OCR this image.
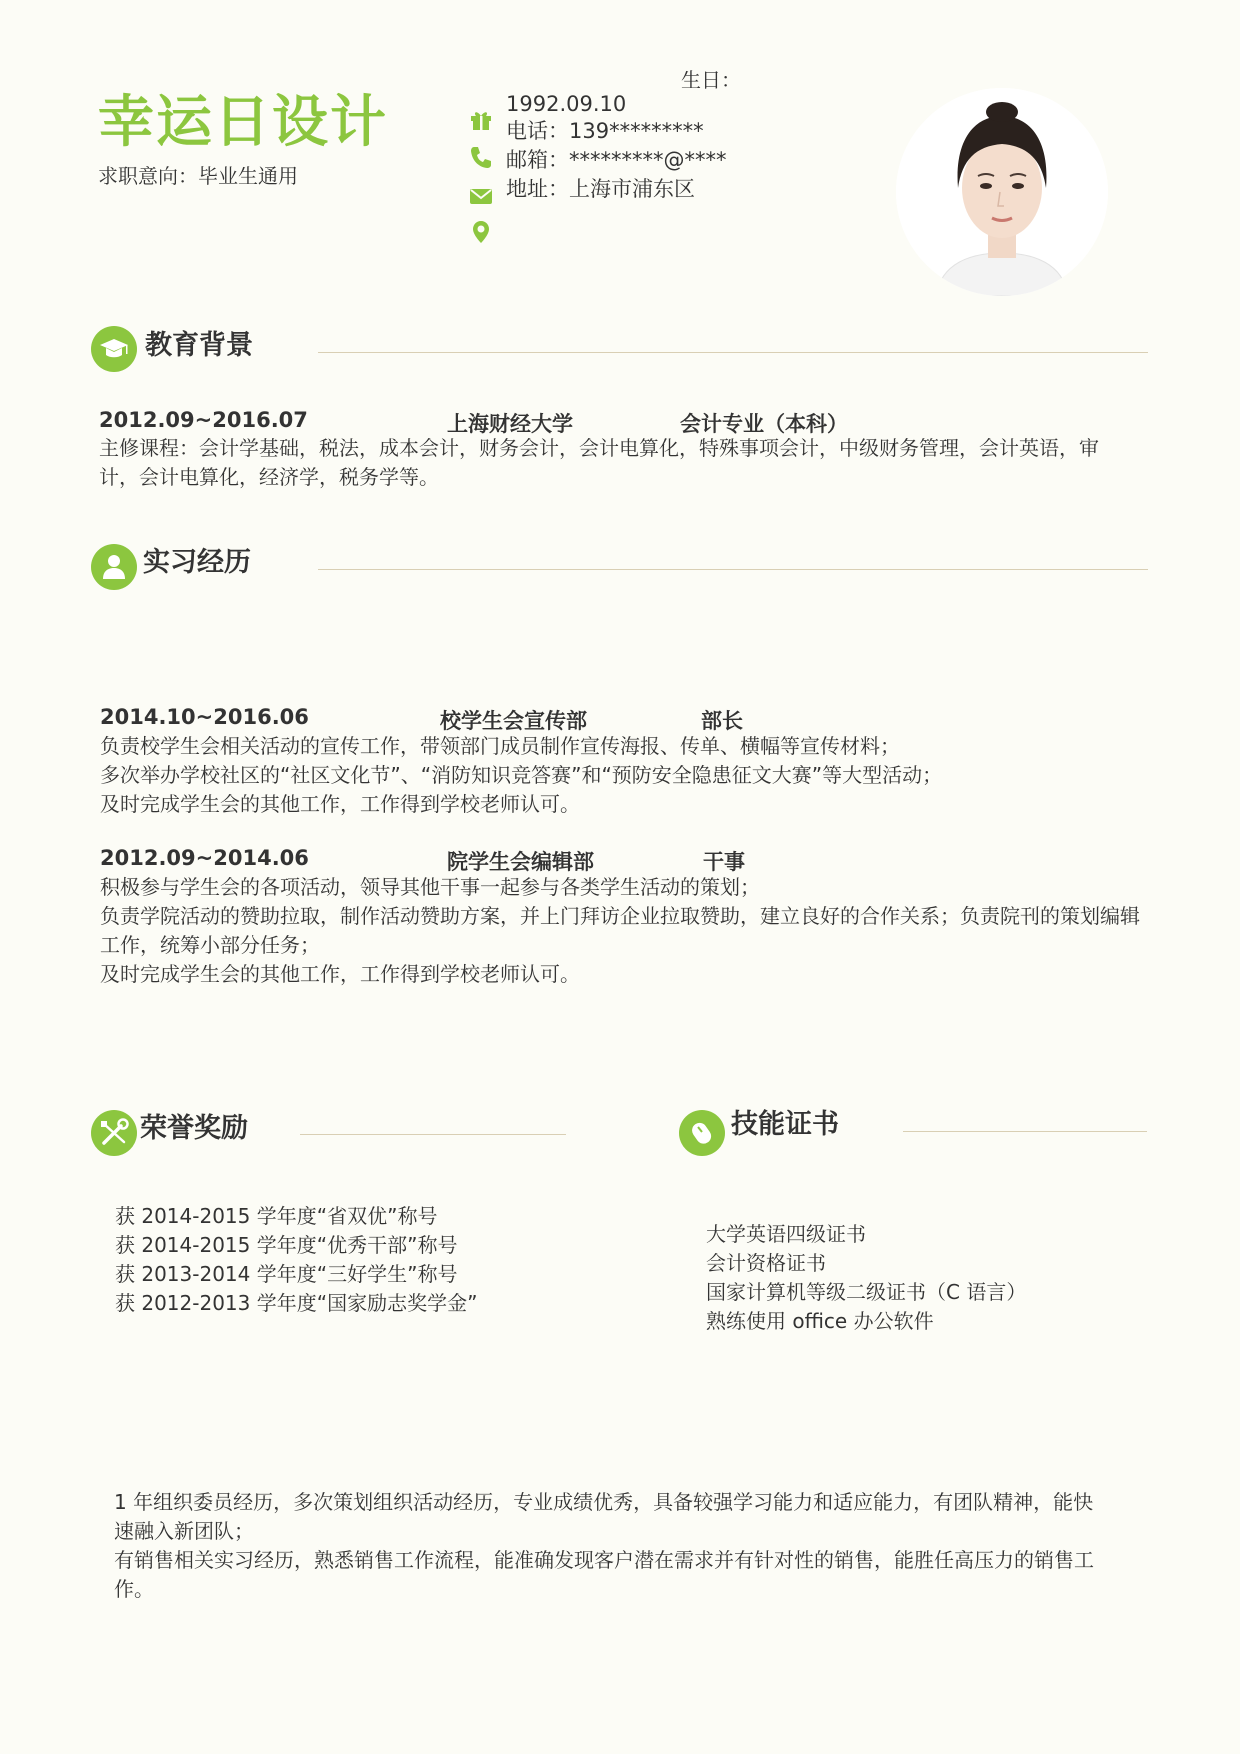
幸运日设计
求职意向：毕业生通用
生日：
1992.09.10
电话：139*********
邮箱：*********@****
地址：上海市浦东区
教育背景
2012.09~2016.07	上海财经大学	会计专业（本科）
主修课程：会计学基础，税法，成本会计，财务会计，会计电算化，特殊事项会计，中级财务管理，会计英语，审计，会计电算化，经济学，税务学等。
实习经历
2014.10~2016.06	校学生会宣传部	部长
负责校学生会相关活动的宣传工作，带领部门成员制作宣传海报、传单、横幅等宣传材料；
多次举办学校社区的“社区文化节”、“消防知识竞答赛”和“预防安全隐患征文大赛”等大型活动；
及时完成学生会的其他工作，工作得到学校老师认可。
2012.09~2014.06	院学生会编辑部	干事
积极参与学生会的各项活动，领导其他干事一起参与各类学生活动的策划；
负责学院活动的赞助拉取，制作活动赞助方案，并上门拜访企业拉取赞助，建立良好的合作关系；负责院刊的策划编辑工作，统筹小部分任务；
及时完成学生会的其他工作，工作得到学校老师认可。
荣誉奖励
获 2014-2015 学年度“省双优”称号
获 2014-2015 学年度“优秀干部”称号
获 2013-2014 学年度“三好学生”称号
获 2012-2013 学年度“国家励志奖学金”
技能证书
大学英语四级证书
会计资格证书
国家计算机等级二级证书（C 语言）
熟练使用 office 办公软件
1 年组织委员经历，多次策划组织活动经历，专业成绩优秀，具备较强学习能力和适应能力，有团队精神，能快速融入新团队；
有销售相关实习经历，熟悉销售工作流程，能准确发现客户潜在需求并有针对性的销售，能胜任高压力的销售工作。
